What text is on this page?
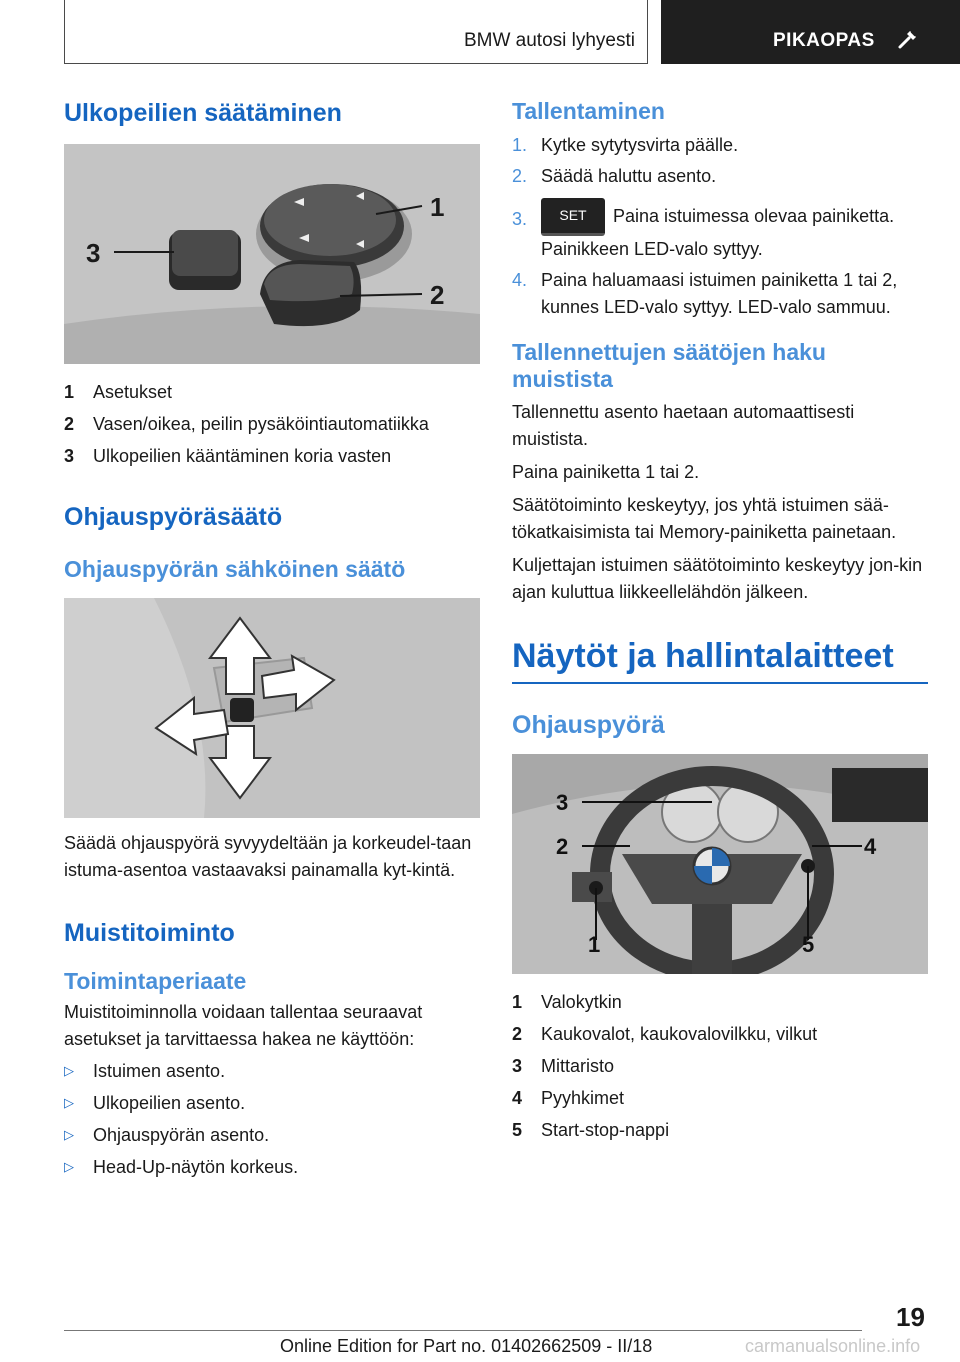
BMW autosi lyhyesti	PIKAOPAS
Ulkopeilien säätäminen
1
2
3
1	Asetukset
2	Vasen/oikea, peilin pysäköintiautomatiikka
3	Ulkopeilien kääntäminen koria vasten
Ohjauspyöräsäätö
Ohjauspyörän sähköinen säätö

Säädä ohjauspyörä syvyydeltään ja korkeudel‐taan istuma-asentoa vastaavaksi painamalla kyt‐kintä.

Muistitoiminto
Toimintaperiaate

Muistitoiminnolla voidaan tallentaa seuraavat asetukset ja tarvittaessa hakea ne käyttöön:

▷	Istuimen asento.
▷	Ulkopeilien asento.
▷	Ohjauspyörän asento.
▷	Head-Up-näytön korkeus.
Tallentaminen
1. Kytke sytytysvirta päälle.
2. Säädä haluttu asento.
3.	SET Paina istuimessa olevaa painiketta. Painikkeen LED-valo syttyy.
4. Paina haluamaasi istuimen painiketta 1 tai 2, kunnes LED-valo syttyy. LED-valo sammuu.
Tallennettujen säätöjen haku muistista

Tallennettu asento haetaan automaattisesti muistista.

Paina painiketta 1 tai 2.

Säätötoiminto keskeytyy, jos yhtä istuimen sää‐tökatkaisimista tai Memory-painiketta painetaan.

Kuljettajan istuimen säätötoiminto keskeytyy jon‐kin ajan kuluttua liikkeellelähdön jälkeen.

Näytöt ja hallintalaitteet
Ohjauspyörä
1
2
3
4
5
1	Valokytkin
2	Kaukovalot, kaukovalovilkku, vilkut
3	Mittaristo
4	Pyyhkimet
5	Start-stop-nappi
19
Online Edition for Part no. 01402662509 - II/18	carmanualsonline.info
